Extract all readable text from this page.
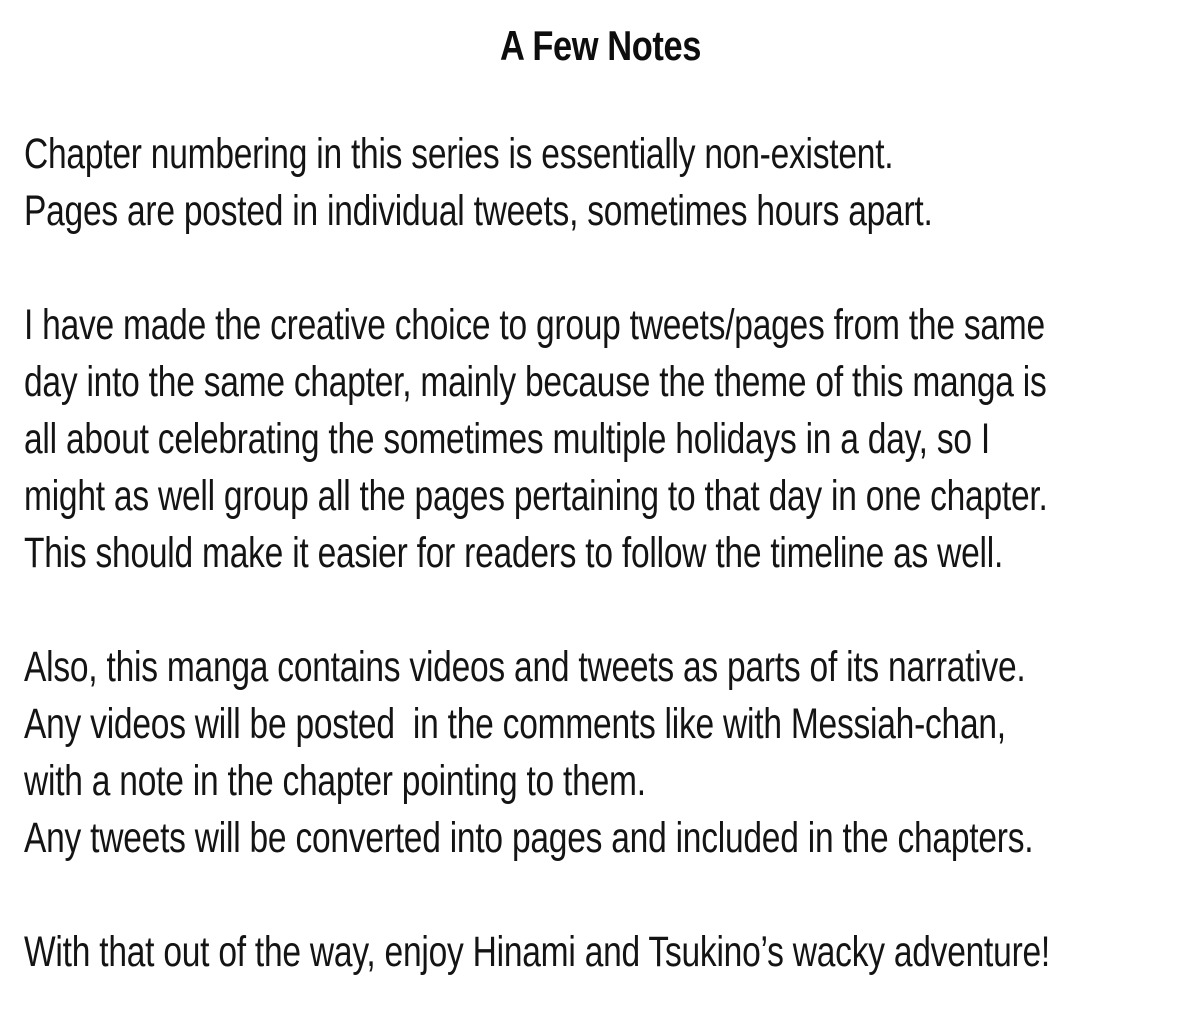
A Few Notes
Chapter numbering in this series is essentially non-existent.
Pages are posted in individual tweets, sometimes hours apart.
I have made the creative choice to group tweets/pages from the same
day into the same chapter, mainly because the theme of this manga is
all about celebrating the sometimes multiple holidays in a day, so I
might as well group all the pages pertaining to that day in one chapter.
This should make it easier for readers to follow the timeline as well.
Also, this manga contains videos and tweets as parts of its narrative.
Any videos will be posted  in the comments like with Messiah-chan,
with a note in the chapter pointing to them.
Any tweets will be converted into pages and included in the chapters.
With that out of the way, enjoy Hinami and Tsukino’s wacky adventure!
